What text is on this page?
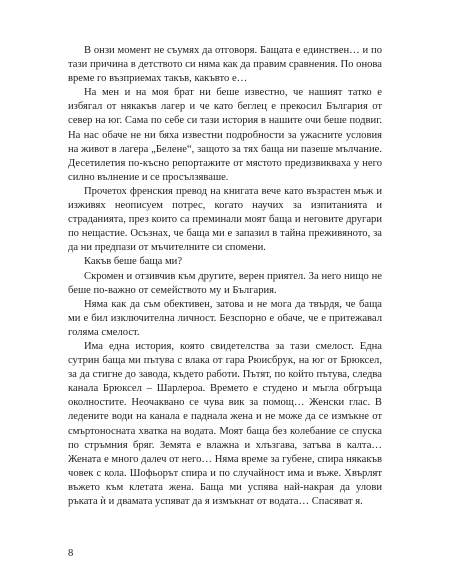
В онзи момент не съумях да отговоря. Бащата е единствен… и по тази причина в детството си няма как да правим сравнения. По онова време го възприемах такъв, какъвто е…

На мен и на моя брат ни беше известно, че нашият татко е избягал от някакъв лагер и че като беглец е прекосил България от север на юг. Сама по себе си тази история в нашите очи беше подвиг. На нас обаче не ни бяха известни подробности за ужасните условия на живот в лагера „Белене“, защото за тях баща ни пазеше мълчание. Десетилетия по-късно репортажите от мястото предизвикваха у него силно вълнение и се просълзяваше.

Прочетох френския превод на книгата вече като възрастен мъж и изживях неописуем потрес, когато научих за изпитанията и страданията, през които са преминали моят баща и неговите другари по нещастие. Осъзнах, че баща ми е запазил в тайна преживяното, за да ни предпази от мъчителните си спомени.

Какъв беше баща ми?

Скромен и отзивчив към другите, верен приятел. За него нищо не беше по-важно от семейството му и България.

Няма как да съм обективен, затова и не мога да твърдя, че баща ми е бил изключителна личност. Безспорно е обаче, че е притежавал голяма смелост.

Има една история, която свидетелства за тази смелост. Една сутрин баща ми пътува с влака от гара Рюисбрук, на юг от Брюксел, за да стигне до завода, където работи. Пътят, по който пътува, следва канала Брюксел – Шарлероа. Времето е студено и мъгла обгръща околностите. Неочаквано се чува вик за помощ… Женски глас. В ледените води на канала е паднала жена и не може да се измъкне от смъртоносната хватка на водата. Моят баща без колебание се спуска по стръмния бряг. Земята е влажна и хлъзгава, затъва в калта… Жената е много далеч от него… Няма време за губене, спира някакъв човек с кола. Шофьорът спира и по случайност има и въже. Хвърлят въжето към клетата жена. Баща ми успява най-накрая да улови ръката ѝ и двамата успяват да я измъкнат от водата… Спасяват я.

8
